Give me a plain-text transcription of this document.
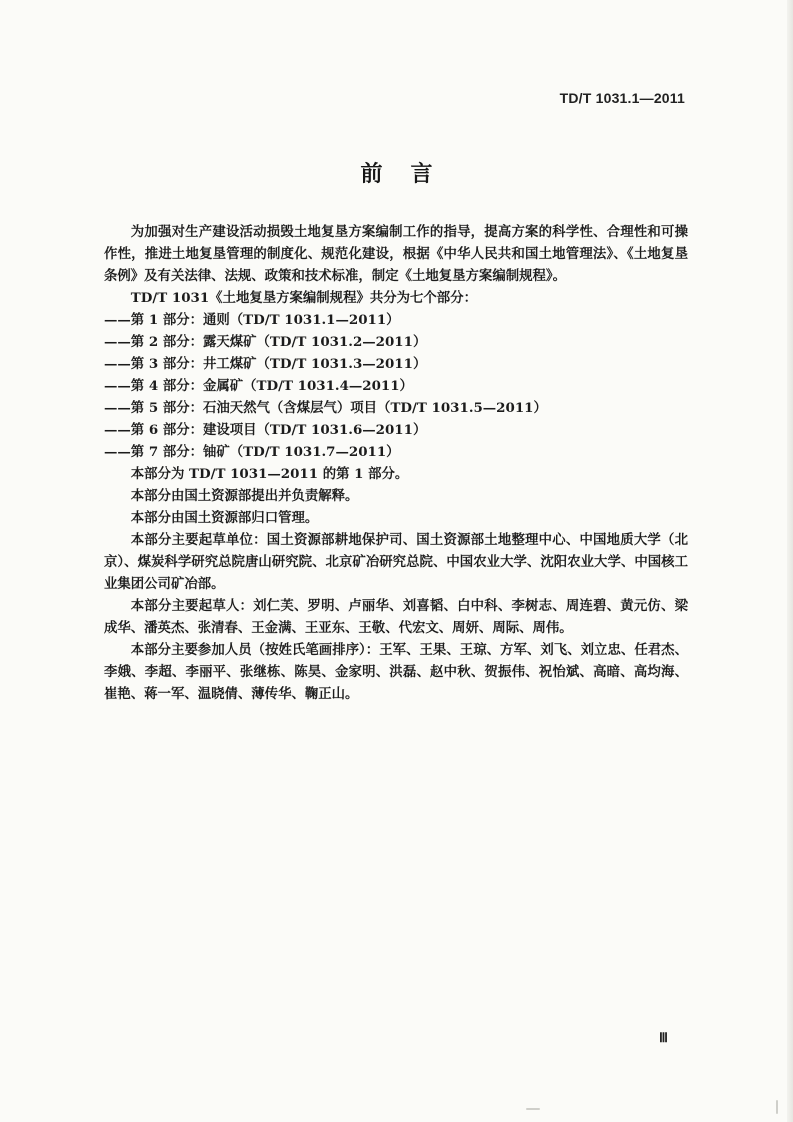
TD/T 1031.1—2011
前言

为加强对生产建设活动损毁土地复垦方案编制工作的指导，提高方案的科学性、合理性和可操作性，推进土地复垦管理的制度化、规范化建设，根据《中华人民共和国土地管理法》、《土地复垦条例》及有关法律、法规、政策和技术标准，制定《土地复垦方案编制规程》。

TD/T 1031《土地复垦方案编制规程》共分为七个部分：

——第 1 部分：通则（TD/T 1031.1—2011）

——第 2 部分：露天煤矿（TD/T 1031.2—2011）

——第 3 部分：井工煤矿（TD/T 1031.3—2011）

——第 4 部分：金属矿（TD/T 1031.4—2011）

——第 5 部分：石油天然气（含煤层气）项目（TD/T 1031.5—2011）

——第 6 部分：建设项目（TD/T 1031.6—2011）

——第 7 部分：铀矿（TD/T 1031.7—2011）

本部分为 TD/T 1031—2011 的第 1 部分。

本部分由国土资源部提出并负责解释。

本部分由国土资源部归口管理。

本部分主要起草单位：国土资源部耕地保护司、国土资源部土地整理中心、中国地质大学（北京）、煤炭科学研究总院唐山研究院、北京矿冶研究总院、中国农业大学、沈阳农业大学、中国核工业集团公司矿冶部。

本部分主要起草人：刘仁芙、罗明、卢丽华、刘喜韬、白中科、李树志、周连碧、黄元仿、梁成华、潘英杰、张清春、王金满、王亚东、王敬、代宏文、周妍、周际、周伟。

本部分主要参加人员（按姓氏笔画排序）：王军、王果、王琼、方军、刘飞、刘立忠、任君杰、李娥、李超、李丽平、张继栋、陈昊、金家明、洪磊、赵中秋、贺振伟、祝怡斌、高暗、高均海、崔艳、蒋一军、温晓倩、薄传华、鞠正山。

Ⅲ
